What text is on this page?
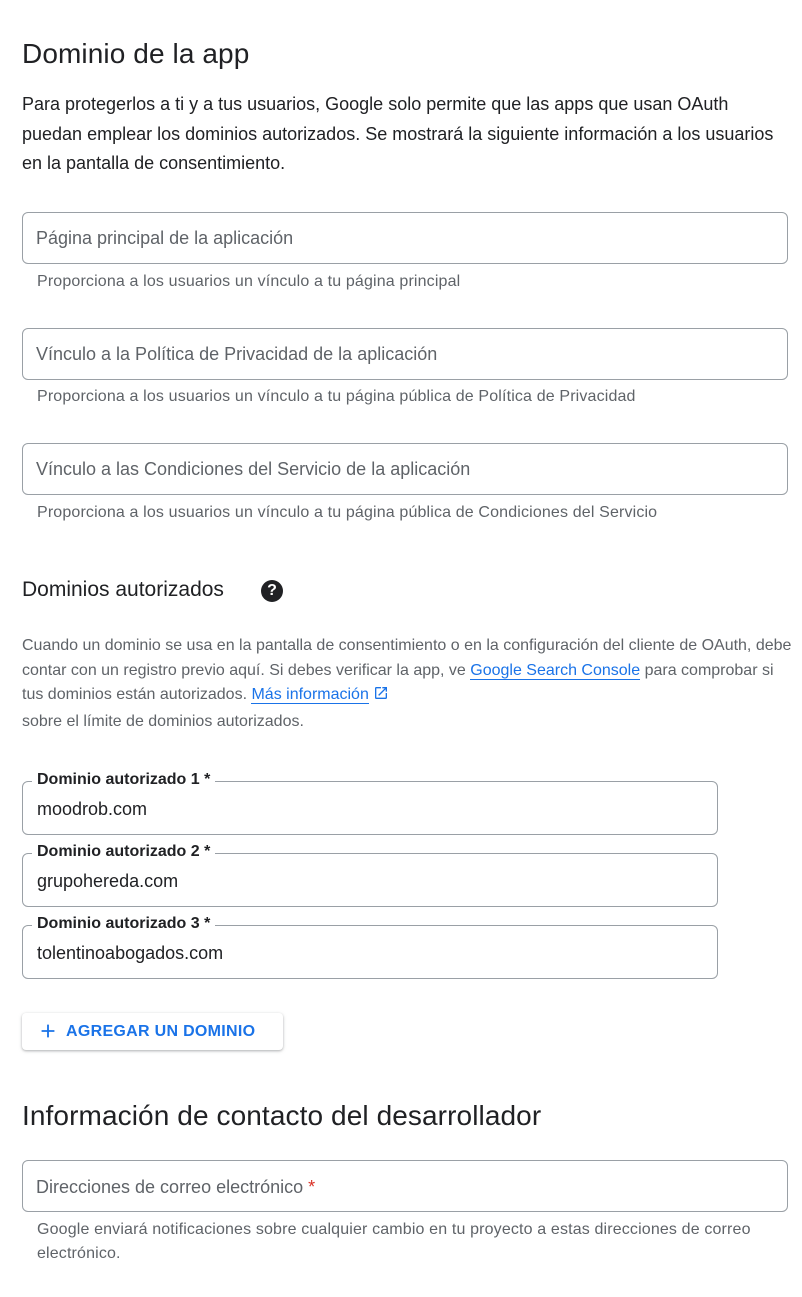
Dominio de la app
Para protegerlos a ti y a tus usuarios, Google solo permite que las apps que usan OAuth puedan emplear los dominios autorizados. Se mostrará la siguiente información a los usuarios en la pantalla de consentimiento.
Página principal de la aplicación
Proporciona a los usuarios un vínculo a tu página principal
Vínculo a la Política de Privacidad de la aplicación
Proporciona a los usuarios un vínculo a tu página pública de Política de Privacidad
Vínculo a las Condiciones del Servicio de la aplicación
Proporciona a los usuarios un vínculo a tu página pública de Condiciones del Servicio
Dominios autorizados	?
Cuando un dominio se usa en la pantalla de consentimiento o en la configuración del cliente de OAuth, debe contar con un registro previo aquí. Si debes verificar la app, ve Google Search Console para comprobar si tus dominios están autorizados. Más información
sobre el límite de dominios autorizados.
Dominio autorizado 1 *
moodrob.com
Dominio autorizado 2 *
grupohereda.com
Dominio autorizado 3 *
tolentinoabogados.com
AGREGAR UN DOMINIO
Información de contacto del desarrollador
Direcciones de correo electrónico *
Google enviará notificaciones sobre cualquier cambio en tu proyecto a estas direcciones de correo electrónico.
